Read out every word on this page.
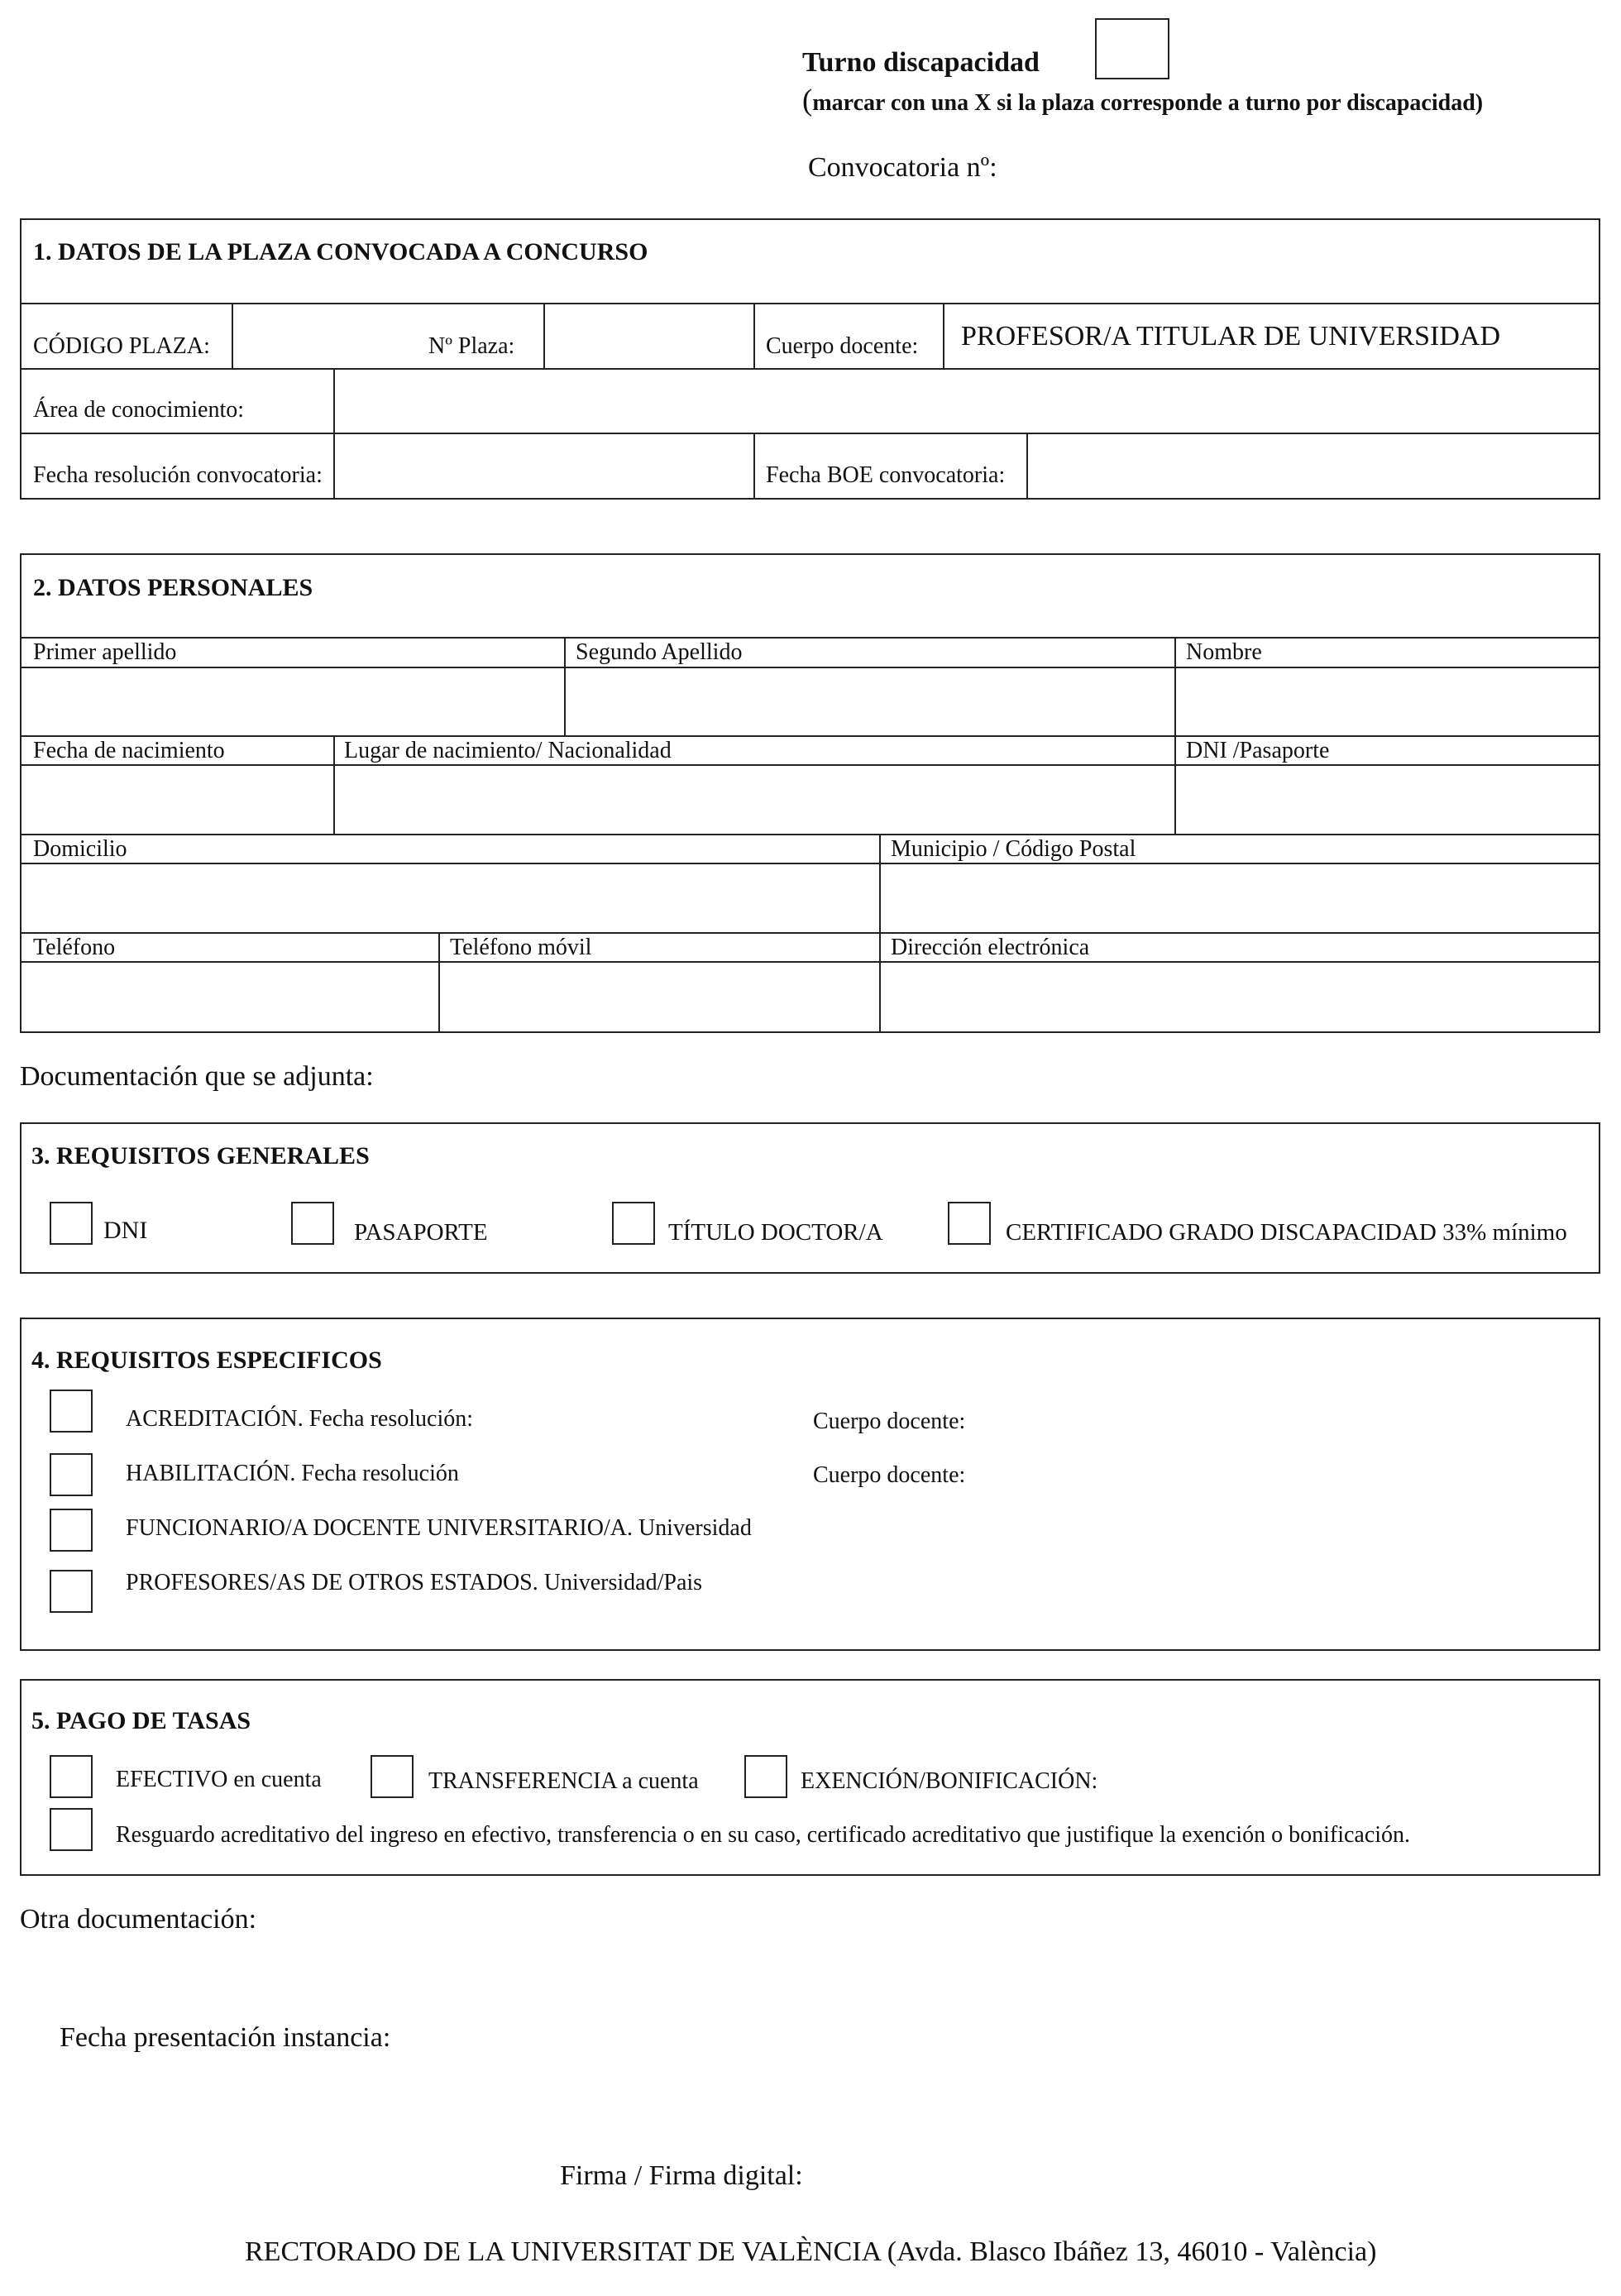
Turno discapacidad
(marcar con una X si la plaza corresponde a turno por discapacidad)
Convocatoria nº:
1. DATOS DE LA PLAZA CONVOCADA A CONCURSO
CÓDIGO PLAZA:	Nº Plaza:	Cuerpo docente: PROFESOR/A TITULAR DE UNIVERSIDAD
Área de conocimiento:
Fecha resolución convocatoria:	Fecha BOE convocatoria:
2. DATOS PERSONALES
Primer apellido	Segundo Apellido	Nombre
Fecha de nacimiento	Lugar de nacimiento/ Nacionalidad	DNI /Pasaporte
Domicilio	Municipio / Código Postal
Teléfono	Teléfono móvil	Dirección electrónica
Documentación que se adjunta:
3. REQUISITOS GENERALES
DNI	PASAPORTE	TÍTULO DOCTOR/A	CERTIFICADO GRADO DISCAPACIDAD 33% mínimo
4. REQUISITOS ESPECIFICOS
ACREDITACIÓN. Fecha resolución:	Cuerpo docente:
HABILITACIÓN. Fecha resolución	Cuerpo docente:
FUNCIONARIO/A DOCENTE UNIVERSITARIO/A. Universidad
PROFESORES/AS DE OTROS ESTADOS. Universidad/Pais
5. PAGO DE TASAS
EFECTIVO en cuenta	TRANSFERENCIA a cuenta	EXENCIÓN/BONIFICACIÓN:
Resguardo acreditativo del ingreso en efectivo, transferencia o en su caso, certificado acreditativo que justifique la exención o bonificación.
Otra documentación:
Fecha presentación instancia:
Firma / Firma digital:
RECTORADO DE LA UNIVERSITAT DE VALÈNCIA (Avda. Blasco Ibáñez 13, 46010 - València)
